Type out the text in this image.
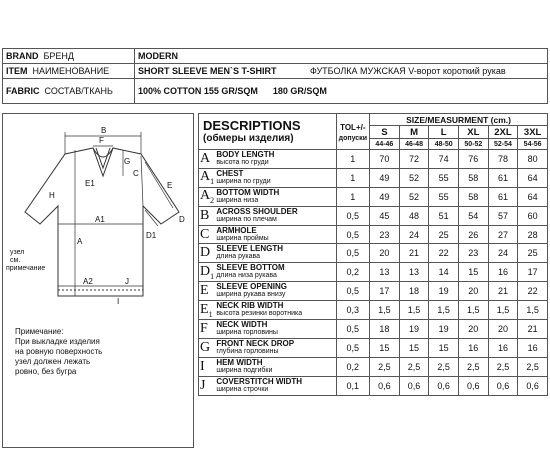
BRAND БРЕНД	MODERN	
ITEM НАИМЕНОВАНИЕ	SHORT SLEEVE MEN`S T-SHIRT	ФУТБОЛКА МУЖСКАЯ V-ворот короткий рукав
FABRIC СОСТАВ/ТКАНЬ	100% COTTON 155 GR/SQM 180 GR/SQM	
B
F
C
G
E1	E
H
A1
D1
D
A
A2	J
I
узел
см.
примечание
Примечание:
При выкладке изделия
на ровную поверхность
узел должен лежать
ровно, без бугра
DESCRIPTIONS
(обмеры изделия)		TOL+/-
допуски	SIZE/MEASURMENT (cm.)					
			S	M	L	XL	2XL	3XL
			44-46	46-48	48-50	50-52	52-54	54-56
A	BODY LENGTH
высота по груди	1	70	72	74	76	78	80
$A_1$	CHEST
ширина по груди	1	49	52	55	58	61	64
$A_2$	BOTTOM WIDTH
ширина низа	1	49	52	55	58	61	64
B	ACROSS SHOULDER
ширина по плечам	0,5	45	48	51	54	57	60
C	ARMHOLE
ширина проймы	0,5	23	24	25	26	27	28
D	SLEEVE LENGTH
длина рукава	0,5	20	21	22	23	24	25
$D_1$	SLEEVE BOTTOM
длина низа рукава	0,2	13	13	14	15	16	17
E	SLEEVE OPENING
ширина рукава внизу	0,5	17	18	19	20	21	22
$E_1$	NECK RIB WIDTH
высота резинки воротника	0,3	1,5	1,5	1,5	1,5	1,5	1,5
F	NECK WIDTH
ширина горловины	0,5	18	19	19	20	20	21
G	FRONT NECK DROP
глубина горловины	0,5	15	15	15	16	16	16
I	HEM WIDTH
ширина подгибки	0,2	2,5	2,5	2,5	2,5	2,5	2,5
J	COVERSTITCH WIDTH
ширина строчки	0,1	0,6	0,6	0,6	0,6	0,6	0,6
